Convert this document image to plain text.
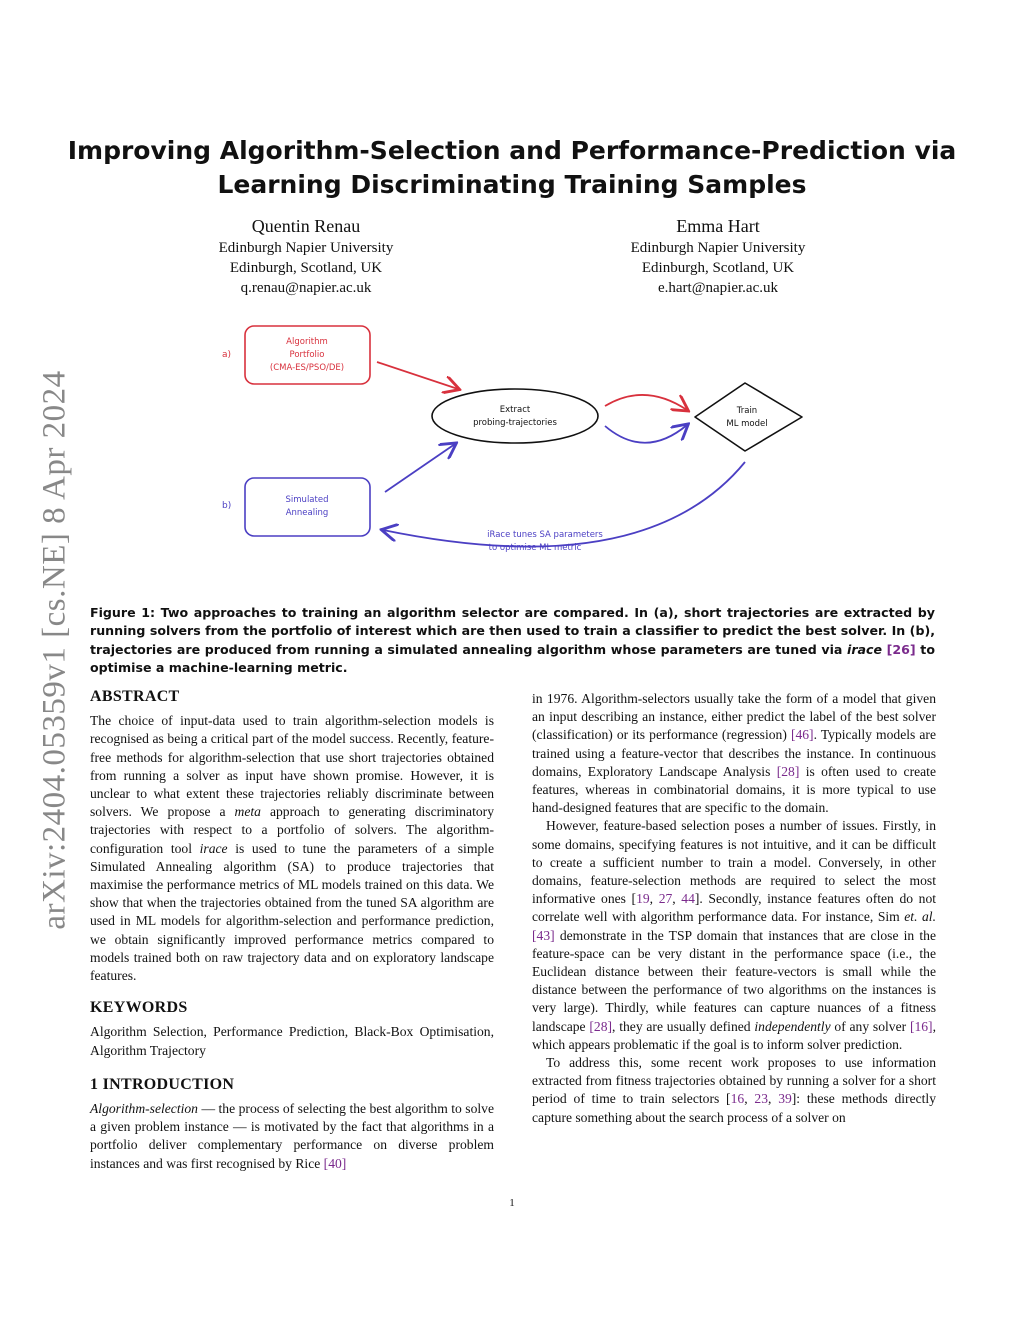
arXiv:2404.05359v1 [cs.NE] 8 Apr 2024
Improving Algorithm-Selection and Performance-Prediction via
Learning Discriminating Training Samples
Quentin Renau
Edinburgh Napier University
Edinburgh, Scotland, UK
q.renau@napier.ac.uk
Emma Hart
Edinburgh Napier University
Edinburgh, Scotland, UK
e.hart@napier.ac.uk
a)
b)
Algorithm
Portfolio
(CMA-ES/PSO/DE)
Simulated
Annealing
Extract
probing-trajectories
Train
ML model
iRace tunes SA parameters
to optimise ML metric
Figure 1: Two approaches to training an algorithm selector are compared. In (a), short trajectories are extracted by running solvers from the portfolio of interest which are then used to train a classifier to predict the best solver. In (b), trajectories are produced from running a simulated annealing algorithm whose parameters are tuned via irace [26] to optimise a machine-learning metric.
ABSTRACT

The choice of input-data used to train algorithm-selection models is recognised as being a critical part of the model success. Recently, feature-free methods for algorithm-selection that use short trajectories obtained from running a solver as input have shown promise. However, it is unclear to what extent these trajectories reliably discriminate between solvers. We propose a meta approach to generating discriminatory trajectories with respect to a portfolio of solvers. The algorithm-configuration tool irace is used to tune the parameters of a simple Simulated Annealing algorithm (SA) to produce trajectories that maximise the performance metrics of ML models trained on this data. We show that when the trajectories obtained from the tuned SA algorithm are used in ML models for algorithm-selection and performance prediction, we obtain significantly improved performance metrics compared to models trained both on raw trajectory data and on exploratory landscape features.

KEYWORDS

Algorithm Selection, Performance Prediction, Black-Box Optimisation, Algorithm Trajectory

1 INTRODUCTION

Algorithm-selection — the process of selecting the best algorithm to solve a given problem instance — is motivated by the fact that algorithms in a portfolio deliver complementary performance on diverse problem instances and was first recognised by Rice [40]

in 1976. Algorithm-selectors usually take the form of a model that given an input describing an instance, either predict the label of the best solver (classification) or its performance (regression) [46]. Typically models are trained using a feature-vector that describes the instance. In continuous domains, Exploratory Landscape Analysis [28] is often used to create features, whereas in combinatorial domains, it is more typical to use hand-designed features that are specific to the domain.

However, feature-based selection poses a number of issues. Firstly, in some domains, specifying features is not intuitive, and it can be difficult to create a sufficient number to train a model. Conversely, in other domains, feature-selection methods are required to select the most informative ones [19, 27, 44]. Secondly, instance features often do not correlate well with algorithm performance data. For instance, Sim et. al. [43] demonstrate in the TSP domain that instances that are close in the feature-space can be very distant in the performance space (i.e., the Euclidean distance between their feature-vectors is small while the distance between the performance of two algorithms on the instances is very large). Thirdly, while features can capture nuances of a fitness landscape [28], they are usually defined independently of any solver [16], which appears problematic if the goal is to inform solver prediction.

To address this, some recent work proposes to use information extracted from fitness trajectories obtained by running a solver for a short period of time to train selectors [16, 23, 39]: these methods directly capture something about the search process of a solver on

1
